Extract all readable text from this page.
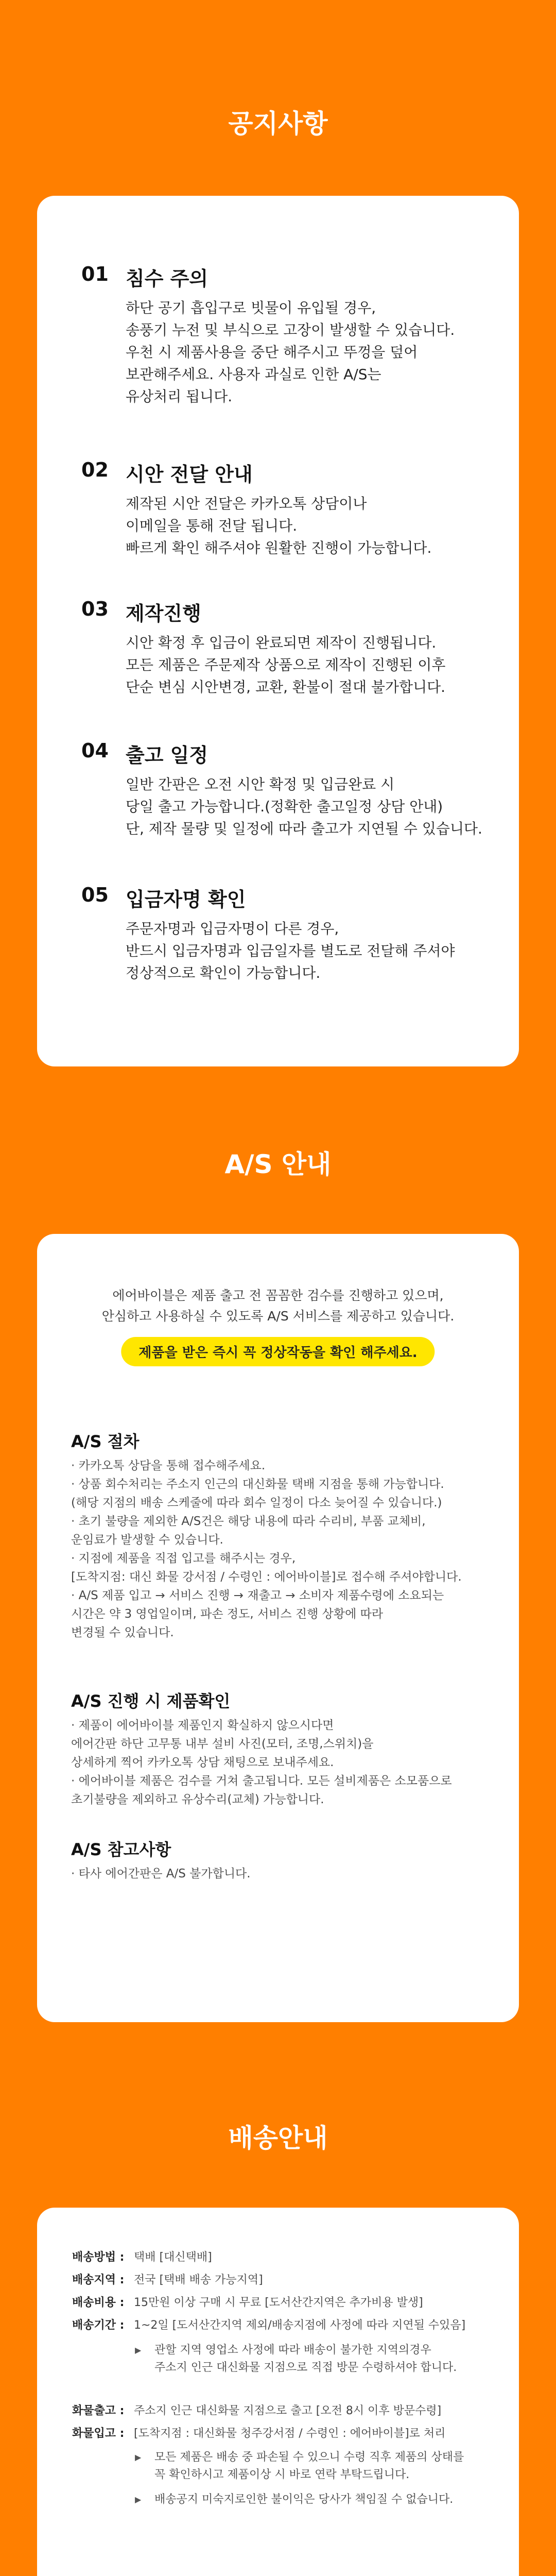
공지사항
01 침수 주의
하단 공기 흡입구로 빗물이 유입될 경우,
송풍기 누전 및 부식으로 고장이 발생할 수 있습니다.
우천 시 제품사용을 중단 해주시고 뚜껑을 덮어
보관해주세요. 사용자 과실로 인한 A/S는
유상처리 됩니다.
02 시안 전달 안내
제작된 시안 전달은 카카오톡 상담이나
이메일을 통해 전달 됩니다.
빠르게 확인 해주셔야 원활한 진행이 가능합니다.
03 제작진행
시안 확정 후 입금이 완료되면 제작이 진행됩니다.
모든 제품은 주문제작 상품으로 제작이 진행된 이후
단순 변심 시안변경, 교환, 환불이 절대 불가합니다.
04 출고 일정
일반 간판은 오전 시안 확정 및 입금완료 시
당일 출고 가능합니다.(정확한 출고일정 상담 안내)
단, 제작 물량 및 일정에 따라 출고가 지연될 수 있습니다.
05 입금자명 확인
주문자명과 입금자명이 다른 경우,
반드시 입금자명과 입금일자를 별도로 전달해 주셔야
정상적으로 확인이 가능합니다.
A/S 안내
에어바이블은 제품 출고 전 꼼꼼한 검수를 진행하고 있으며,
안심하고 사용하실 수 있도록 A/S 서비스를 제공하고 있습니다.
제품을 받은 즉시 꼭 정상작동을 확인 해주세요.
A/S 절차
· 카카오톡 상담을 통해 접수해주세요.
· 상품 회수처리는 주소지 인근의 대신화물 택배 지점을 통해 가능합니다.
(해당 지점의 배송 스케줄에 따라 회수 일정이 다소 늦어질 수 있습니다.)
· 초기 불량을 제외한 A/S건은 해당 내용에 따라 수리비, 부품 교체비,
운임료가 발생할 수 있습니다.
· 지점에 제품을 직접 입고를 해주시는 경우,
[도착지점: 대신 화물 강서점 / 수령인 : 에어바이블]로 접수해 주셔야합니다.
· A/S 제품 입고 → 서비스 진행 → 재출고 → 소비자 제품수령에 소요되는
시간은 약 3 영업일이며, 파손 정도, 서비스 진행 상황에 따라
변경될 수 있습니다.
A/S 진행 시 제품확인
· 제품이 에어바이블 제품인지 확실하지 않으시다면
에어간판 하단 고무통 내부 설비 사진(모터, 조명,스위치)을
상세하게 찍어 카카오톡 상담 채팅으로 보내주세요.
· 에어바이블 제품은 검수를 거쳐 출고됩니다. 모든 설비제품은 소모품으로
초기불량을 제외하고 유상수리(교체) 가능합니다.
A/S 참고사항
· 타사 에어간판은 A/S 불가합니다.
배송안내
배송방법 : 택배 [대신택배]
배송지역 : 전국 [택배 배송 가능지역]
배송비용 : 15만원 이상 구매 시 무료 [도서산간지역은 추가비용 발생]
배송기간 : 1~2일 [도서산간지역 제외/배송지점에 사정에 따라 지연될 수있음]

▶ 관할 지역 영업소 사정에 따라 배송이 불가한 지역의경우
주소지 인근 대신화물 지점으로 직접 방문 수령하셔야 합니다.

화물출고 : 주소지 인근 대신화물 지점으로 출고 [오전 8시 이후 방문수령]
화물입고 : [도착지점 : 대신화물 청주강서점 / 수령인 : 에어바이블]로 처리

▶ 모든 제품은 배송 중 파손될 수 있으니 수령 직후 제품의 상태를
꼭 확인하시고 제품이상 시 바로 연락 부탁드립니다.

▶ 배송공지 미숙지로인한 불이익은 당사가 책임질 수 없습니다.
